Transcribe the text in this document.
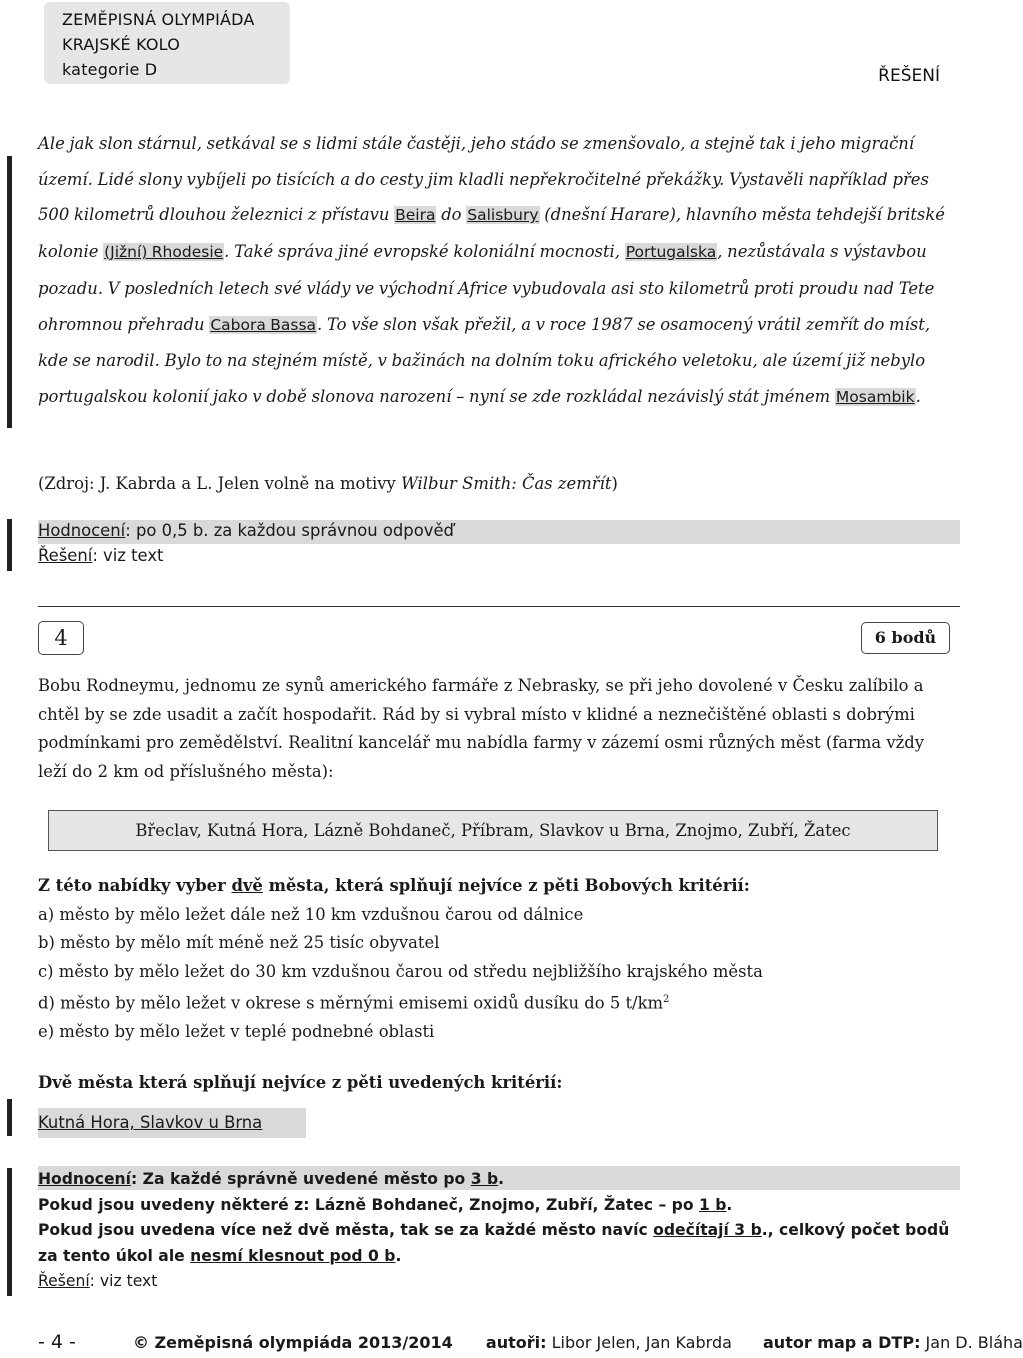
ZEMĚPISNÁ OLYMPIÁDA
KRAJSKÉ KOLO
kategorie D	ŘEŠENÍ
Ale jak slon stárnul, setkával se s lidmi stále častěji, jeho stádo se zmenšovalo, a stejně tak i jeho migrační území. Lidé slony vybíjeli po tisících a do cesty jim kladli nepřekročitelné překážky. Vystavěli například přes 500 kilometrů dlouhou železnici z přístavu Beira do Salisbury (dnešní Harare), hlavního města tehdejší britské kolonie (Jižní) Rhodesie. Také správa jiné evropské koloniální mocnosti, Portugalska, nezůstávala s výstavbou pozadu. V posledních letech své vlády ve východní Africe vybudovala asi sto kilometrů proti proudu nad Tete ohromnou přehradu Cabora Bassa. To vše slon však přežil, a v roce 1987 se osamocený vrátil zemřít do míst, kde se narodil. Bylo to na stejném místě, v bažinách na dolním toku afrického veletoku, ale území již nebylo portugalskou kolonií jako v době slonova narození – nyní se zde rozkládal nezávislý stát jménem Mosambik.
(Zdroj: J. Kabrda a L. Jelen volně na motivy Wilbur Smith: Čas zemřít)
Hodnocení: po 0,5 b. za každou správnou odpověď
Řešení: viz text
4	6 bodů
Bobu Rodneymu, jednomu ze synů amerického farmáře z Nebrasky, se při jeho dovolené v Česku zalíbilo a chtěl by se zde usadit a začít hospodařit. Rád by si vybral místo v klidné a neznečištěné oblasti s dobrými podmínkami pro zemědělství. Realitní kancelář mu nabídla farmy v zázemí osmi různých měst (farma vždy leží do 2 km od příslušného města):
Břeclav, Kutná Hora, Lázně Bohdaneč, Příbram, Slavkov u Brna, Znojmo, Zubří, Žatec
Z této nabídky vyber dvě města, která splňují nejvíce z pěti Bobových kritérií:
a) město by mělo ležet dále než 10 km vzdušnou čarou od dálnice
b) město by mělo mít méně než 25 tisíc obyvatel
c) město by mělo ležet do 30 km vzdušnou čarou od středu nejbližšího krajského města
d) město by mělo ležet v okrese s měrnými emisemi oxidů dusíku do 5 $t/km^2$
e) město by mělo ležet v teplé podnebné oblasti
Dvě města která splňují nejvíce z pěti uvedených kritérií:
Kutná Hora, Slavkov u Brna
Hodnocení: Za každé správně uvedené město po 3 b.
Pokud jsou uvedeny některé z: Lázně Bohdaneč, Znojmo, Zubří, Žatec – po 1 b.
Pokud jsou uvedena více než dvě města, tak se za každé město navíc odečítají 3 b., celkový počet bodů
za tento úkol ale nesmí klesnout pod 0 b.
Řešení: viz text
- 4 -	© Zeměpisná olympiáda 2013/2014 autoři: Libor Jelen, Jan Kabrda autor map a DTP: Jan D. Bláha
